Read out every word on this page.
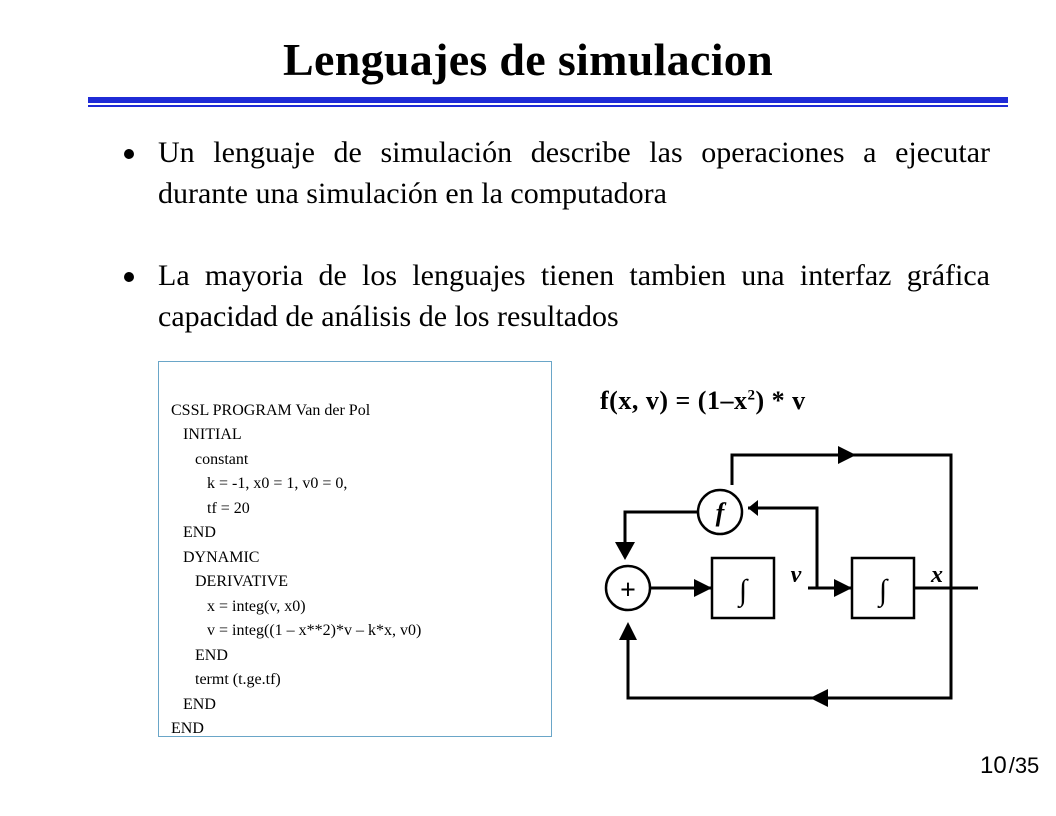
Lenguajes de simulacion
Un lenguaje de simulación describe las operaciones a ejecutar durante una simulación en la computadora
La mayoria de los lenguajes tienen tambien una interfaz gráfica capacidad de análisis de los resultados

CSSL PROGRAM Van der Pol
INITIAL
constant
k = -1, x0 = 1, v0 = 0,
tf = 20
END
DYNAMIC
DERIVATIVE
x = integ(v, x0)
v = integ((1 – x**2)*v – k*x, v0)
END
termt (t.ge.tf)
END
END

f(x, $v) = (1-x^2) * v$
f
+	∫	∫
v	x
10/35
